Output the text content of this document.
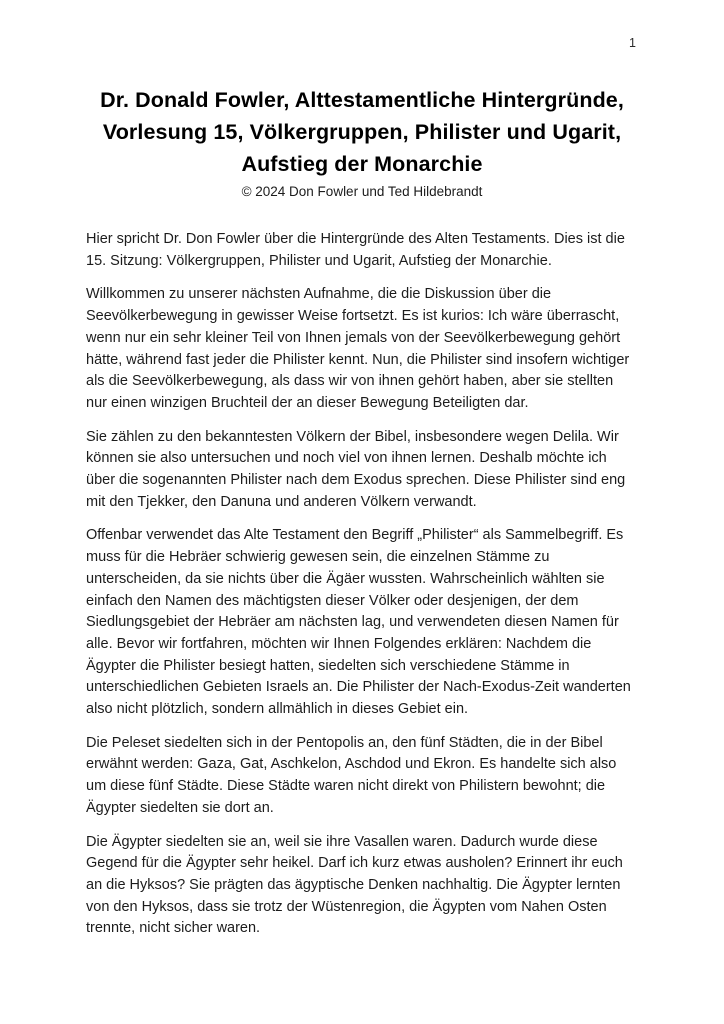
1
Dr. Donald Fowler, Alttestamentliche Hintergründe,
Vorlesung 15, Völkergruppen, Philister und Ugarit,
Aufstieg der Monarchie
© 2024 Don Fowler und Ted Hildebrandt

Hier spricht Dr. Don Fowler über die Hintergründe des Alten Testaments. Dies ist die 15. Sitzung: Völkergruppen, Philister und Ugarit, Aufstieg der Monarchie.

Willkommen zu unserer nächsten Aufnahme, die die Diskussion über die Seevölkerbewegung in gewisser Weise fortsetzt. Es ist kurios: Ich wäre überrascht, wenn nur ein sehr kleiner Teil von Ihnen jemals von der Seevölkerbewegung gehört hätte, während fast jeder die Philister kennt. Nun, die Philister sind insofern wichtiger als die Seevölkerbewegung, als dass wir von ihnen gehört haben, aber sie stellten nur einen winzigen Bruchteil der an dieser Bewegung Beteiligten dar.

Sie zählen zu den bekanntesten Völkern der Bibel, insbesondere wegen Delila. Wir können sie also untersuchen und noch viel von ihnen lernen. Deshalb möchte ich über die sogenannten Philister nach dem Exodus sprechen. Diese Philister sind eng mit den Tjekker, den Danuna und anderen Völkern verwandt.

Offenbar verwendet das Alte Testament den Begriff „Philister“ als Sammelbegriff. Es muss für die Hebräer schwierig gewesen sein, die einzelnen Stämme zu unterscheiden, da sie nichts über die Ägäer wussten. Wahrscheinlich wählten sie einfach den Namen des mächtigsten dieser Völker oder desjenigen, der dem Siedlungsgebiet der Hebräer am nächsten lag, und verwendeten diesen Namen für alle. Bevor wir fortfahren, möchten wir Ihnen Folgendes erklären: Nachdem die Ägypter die Philister besiegt hatten, siedelten sich verschiedene Stämme in unterschiedlichen Gebieten Israels an. Die Philister der Nach-Exodus-Zeit wanderten also nicht plötzlich, sondern allmählich in dieses Gebiet ein.

Die Peleset siedelten sich in der Pentopolis an, den fünf Städten, die in der Bibel erwähnt werden: Gaza, Gat, Aschkelon, Aschdod und Ekron. Es handelte sich also um diese fünf Städte. Diese Städte waren nicht direkt von Philistern bewohnt; die Ägypter siedelten sie dort an.

Die Ägypter siedelten sie an, weil sie ihre Vasallen waren. Dadurch wurde diese Gegend für die Ägypter sehr heikel. Darf ich kurz etwas ausholen? Erinnert ihr euch an die Hyksos? Sie prägten das ägyptische Denken nachhaltig. Die Ägypter lernten von den Hyksos, dass sie trotz der Wüstenregion, die Ägypten vom Nahen Osten trennte, nicht sicher waren.
